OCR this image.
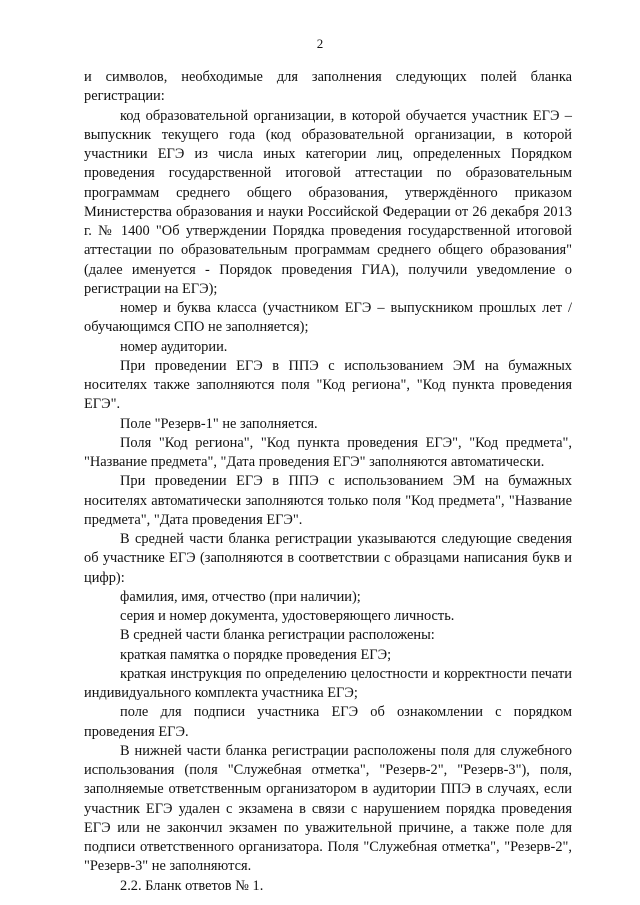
2

и символов, необходимые для заполнения следующих полей бланка регистрации:

код образовательной организации, в которой обучается участник ЕГЭ – выпускник текущего года (код образовательной организации, в которой участники ЕГЭ из числа иных категории лиц, определенных Порядком проведения государственной итоговой аттестации по образовательным программам среднего общего образования, утверждённого приказом Министерства образования и науки Российской Федерации от 26 декабря 2013 г. № 1400 "Об утверждении Порядка проведения государственной итоговой аттестации по образовательным программам среднего общего образования" (далее именуется - Порядок проведения ГИА), получили уведомление о регистрации на ЕГЭ);

номер и буква класса (участником ЕГЭ – выпускником прошлых лет / обучающимся СПО не заполняется);

номер аудитории.

При проведении ЕГЭ в ППЭ с использованием ЭМ на бумажных носителях также заполняются поля "Код региона", "Код пункта проведения ЕГЭ".

Поле "Резерв-1" не заполняется.

Поля "Код региона", "Код пункта проведения ЕГЭ", "Код предмета", "Название предмета", "Дата проведения ЕГЭ" заполняются автоматически.

При проведении ЕГЭ в ППЭ с использованием ЭМ на бумажных носителях автоматически заполняются только поля "Код предмета", "Название предмета", "Дата проведения ЕГЭ".

В средней части бланка регистрации указываются следующие сведения об участнике ЕГЭ (заполняются в соответствии с образцами написания букв и цифр):

фамилия, имя, отчество (при наличии);

серия и номер документа, удостоверяющего личность.

В средней части бланка регистрации расположены:

краткая памятка о порядке проведения ЕГЭ;

краткая инструкция по определению целостности и корректности печати индивидуального комплекта участника ЕГЭ;

поле для подписи участника ЕГЭ об ознакомлении с порядком проведения ЕГЭ.

В нижней части бланка регистрации расположены поля для служебного использования (поля "Служебная отметка", "Резерв-2", "Резерв-3"), поля, заполняемые ответственным организатором в аудитории ППЭ в случаях, если участник ЕГЭ удален с экзамена в связи с нарушением порядка проведения ЕГЭ или не закончил экзамен по уважительной причине, а также поле для подписи ответственного организатора. Поля "Служебная отметка", "Резерв-2", "Резерв-3" не заполняются.

2.2. Бланк ответов № 1.
